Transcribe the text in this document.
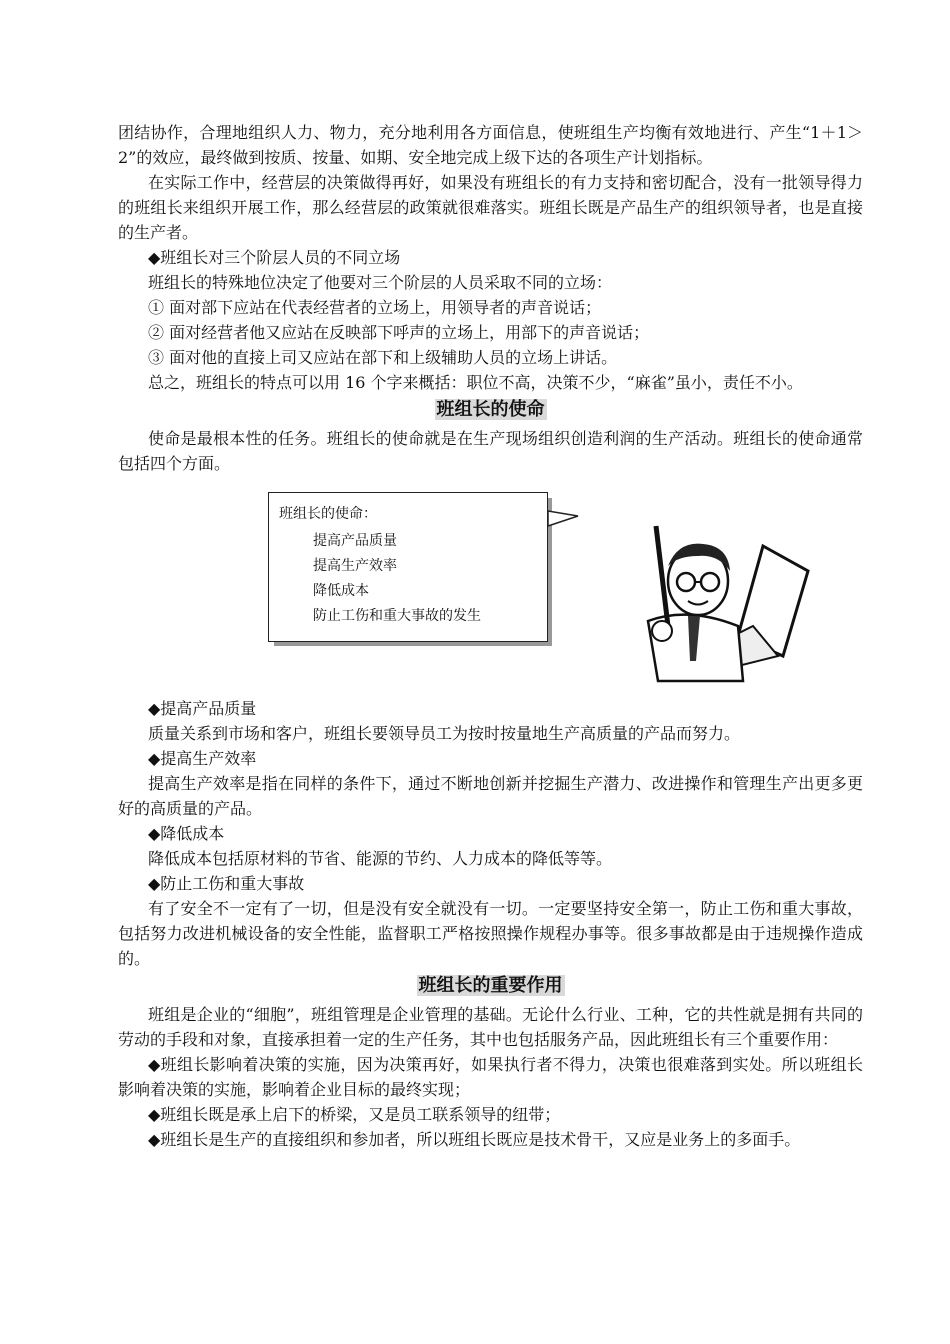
团结协作，合理地组织人力、物力，充分地利用各方面信息，使班组生产均衡有效地进行、产生“1＋1＞2”的效应，最终做到按质、按量、如期、安全地完成上级下达的各项生产计划指标。

在实际工作中，经营层的决策做得再好，如果没有班组长的有力支持和密切配合，没有一批领导得力的班组长来组织开展工作，那么经营层的政策就很难落实。班组长既是产品生产的组织领导者，也是直接的生产者。

◆班组长对三个阶层人员的不同立场

班组长的特殊地位决定了他要对三个阶层的人员采取不同的立场：

① 面对部下应站在代表经营者的立场上，用领导者的声音说话；

② 面对经营者他又应站在反映部下呼声的立场上，用部下的声音说话；

③ 面对他的直接上司又应站在部下和上级辅助人员的立场上讲话。

总之，班组长的特点可以用 16 个字来概括：职位不高，决策不少，“麻雀”虽小，责任不小。

班组长的使命

使命是最根本性的任务。班组长的使命就是在生产现场组织创造利润的生产活动。班组长的使命通常包括四个方面。

班组长的使命：
提高产品质量
提高生产效率
降低成本
防止工伤和重大事故的发生

◆提高产品质量

质量关系到市场和客户，班组长要领导员工为按时按量地生产高质量的产品而努力。

◆提高生产效率

提高生产效率是指在同样的条件下，通过不断地创新并挖掘生产潜力、改进操作和管理生产出更多更好的高质量的产品。

◆降低成本

降低成本包括原材料的节省、能源的节约、人力成本的降低等等。

◆防止工伤和重大事故

有了安全不一定有了一切，但是没有安全就没有一切。一定要坚持安全第一，防止工伤和重大事故，包括努力改进机械设备的安全性能，监督职工严格按照操作规程办事等。很多事故都是由于违规操作造成的。

班组长的重要作用

班组是企业的“细胞”，班组管理是企业管理的基础。无论什么行业、工种，它的共性就是拥有共同的劳动的手段和对象，直接承担着一定的生产任务，其中也包括服务产品，因此班组长有三个重要作用：

◆班组长影响着决策的实施，因为决策再好，如果执行者不得力，决策也很难落到实处。所以班组长影响着决策的实施，影响着企业目标的最终实现；

◆班组长既是承上启下的桥梁，又是员工联系领导的纽带；

◆班组长是生产的直接组织和参加者，所以班组长既应是技术骨干，又应是业务上的多面手。
